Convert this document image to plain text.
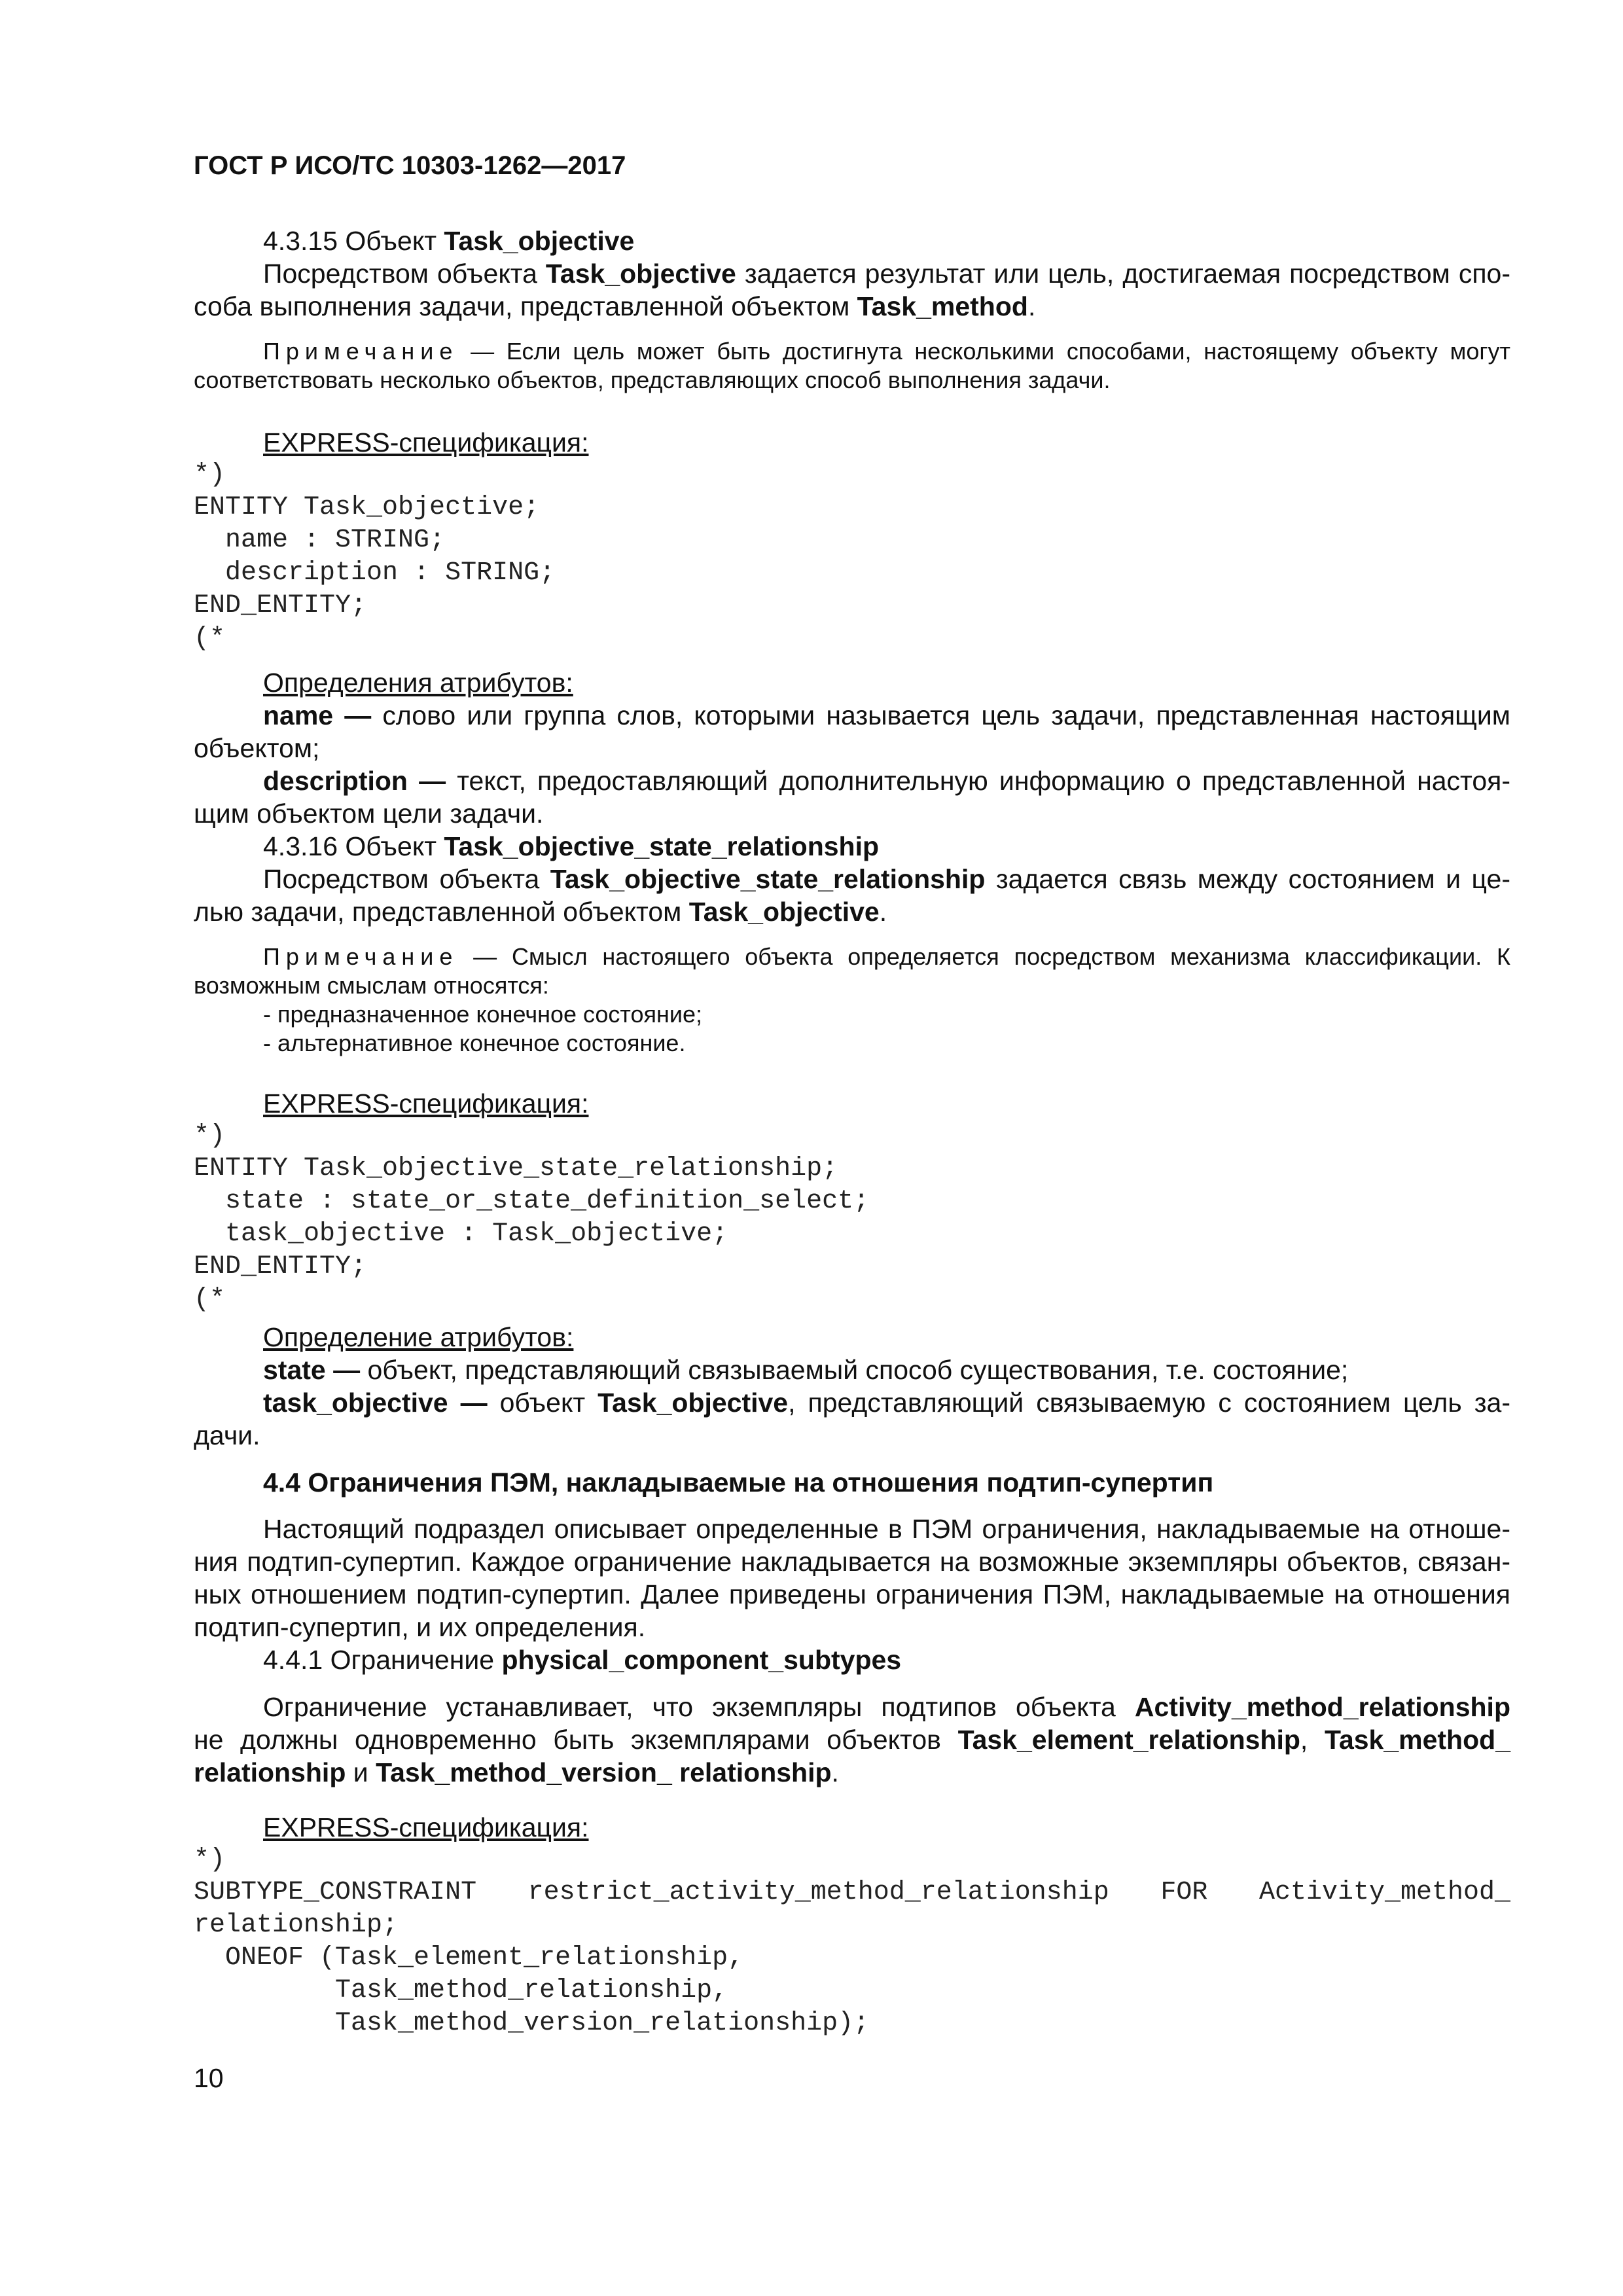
ГОСТ Р ИСО/ТС 10303-1262—2017
4.3.15 Объект Task_objective
Посредством объекта Task_objective задается результат или цель, достигаемая посредством спо-
соба выполнения задачи, представленной объектом Task_method.
Примечание — Если цель может быть достигнута несколькими способами, настоящему объекту могут
соответствовать несколько объектов, представляющих способ выполнения задачи.
EXPRESS-спецификация:
*)
ENTITY Task_objective;
name : STRING;
description : STRING;
END_ENTITY;
(*
Определения атрибутов:
name — слово или группа слов, которыми называется цель задачи, представленная настоящим
объектом;
description — текст, предоставляющий дополнительную информацию о представленной настоя-
щим объектом цели задачи.
4.3.16 Объект Task_objective_state_relationship
Посредством объекта Task_objective_state_relationship задается связь между состоянием и це-
лью задачи, представленной объектом Task_objective.
Примечание — Смысл настоящего объекта определяется посредством механизма классификации. К
возможным смыслам относятся:
- предназначенное конечное состояние;
- альтернативное конечное состояние.
EXPRESS-спецификация:
*)
ENTITY Task_objective_state_relationship;
state : state_or_state_definition_select;
task_objective : Task_objective;
END_ENTITY;
(*
Определение атрибутов:
state — объект, представляющий связываемый способ существования, т.е. состояние;
task_objective — объект Task_objective, представляющий связываемую с состоянием цель за-
дачи.
4.4 Ограничения ПЭМ, накладываемые на отношения подтип-супертип
Настоящий подраздел описывает определенные в ПЭМ ограничения, накладываемые на отноше-
ния подтип-супертип. Каждое ограничение накладывается на возможные экземпляры объектов, связан-
ных отношением подтип-супертип. Далее приведены ограничения ПЭМ, накладываемые на отношения
подтип-супертип, и их определения.
4.4.1 Ограничение physical_component_subtypes
Ограничение устанавливает, что экземпляры подтипов объекта Activity_method_relationship
не должны одновременно быть экземплярами объектов Task_element_relationship, Task_method_
relationship и Task_method_version_ relationship.
EXPRESS-спецификация:
*)
SUBTYPE_CONSTRAINT restrict_activity_method_relationship FOR Activity_method_
relationship;
ONEOF (Task_element_relationship,
Task_method_relationship,
Task_method_version_relationship);
10
